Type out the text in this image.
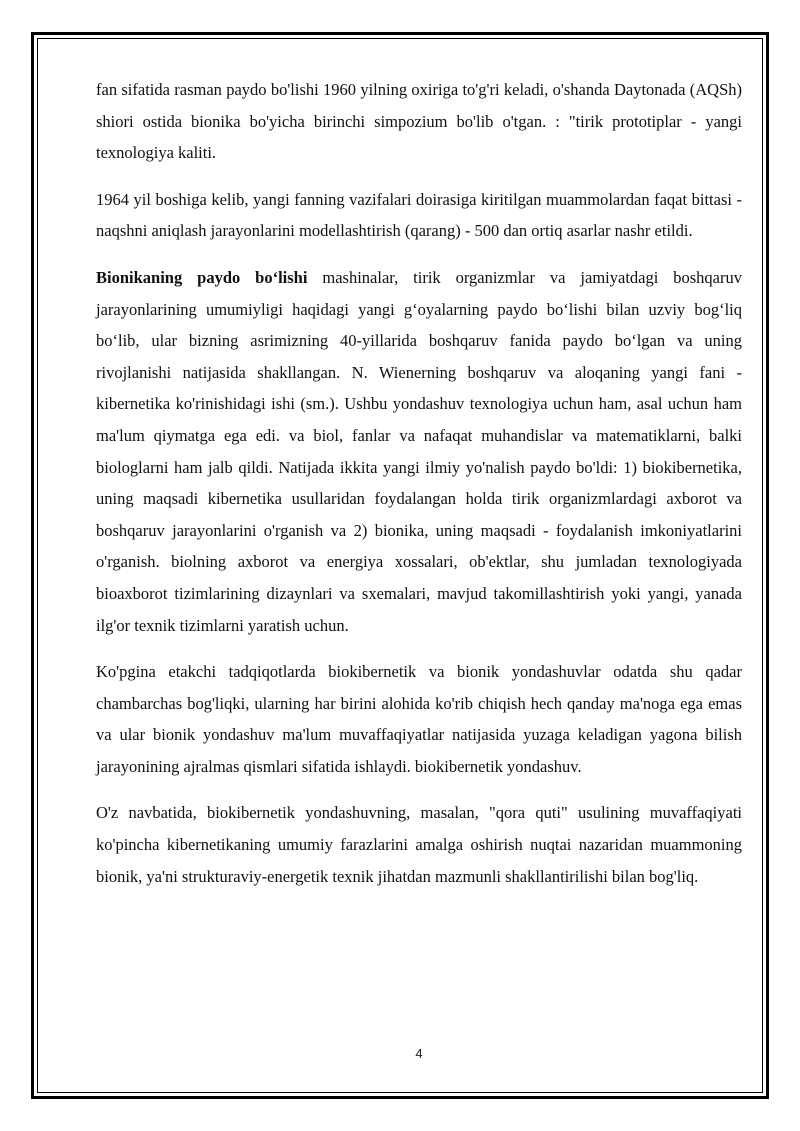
fan sifatida rasman paydo bo'lishi 1960 yilning oxiriga to'g'ri keladi, o'shanda Daytonada (AQSh) shiori ostida bionika bo'yicha birinchi simpozium bo'lib o'tgan. : "tirik prototiplar - yangi texnologiya kaliti.

1964 yil boshiga kelib, yangi fanning vazifalari doirasiga kiritilgan muammolardan faqat bittasi - naqshni aniqlash jarayonlarini modellashtirish (qarang) - 500 dan ortiq asarlar nashr etildi.

Bionikaning paydo bo‘lishi mashinalar, tirik organizmlar va jamiyatdagi boshqaruv jarayonlarining umumiyligi haqidagi yangi g‘oyalarning paydo bo‘lishi bilan uzviy bog‘liq bo‘lib, ular bizning asrimizning 40-yillarida boshqaruv fanida paydo bo‘lgan va uning rivojlanishi natijasida shakllangan. N. Wienerning boshqaruv va aloqaning yangi fani - kibernetika ko'rinishidagi ishi (sm.). Ushbu yondashuv texnologiya uchun ham, asal uchun ham ma'lum qiymatga ega edi. va biol, fanlar va nafaqat muhandislar va matematiklarni, balki biologlarni ham jalb qildi. Natijada ikkita yangi ilmiy yo'nalish paydo bo'ldi: 1) biokibernetika, uning maqsadi kibernetika usullaridan foydalangan holda tirik organizmlardagi axborot va boshqaruv jarayonlarini o'rganish va 2) bionika, uning maqsadi - foydalanish imkoniyatlarini o'rganish. biolning axborot va energiya xossalari, ob'ektlar, shu jumladan texnologiyada bioaxborot tizimlarining dizaynlari va sxemalari, mavjud takomillashtirish yoki yangi, yanada ilg'or texnik tizimlarni yaratish uchun.

Ko'pgina etakchi tadqiqotlarda biokibernetik va bionik yondashuvlar odatda shu qadar chambarchas bog'liqki, ularning har birini alohida ko'rib chiqish hech qanday ma'noga ega emas va ular bionik yondashuv ma'lum muvaffaqiyatlar natijasida yuzaga keladigan yagona bilish jarayonining ajralmas qismlari sifatida ishlaydi. biokibernetik yondashuv.

O'z navbatida, biokibernetik yondashuvning, masalan, "qora quti" usulining muvaffaqiyati ko'pincha kibernetikaning umumiy farazlarini amalga oshirish nuqtai nazaridan muammoning bionik, ya'ni strukturaviy-energetik texnik jihatdan mazmunli shakllantirilishi bilan bog'liq.

4
